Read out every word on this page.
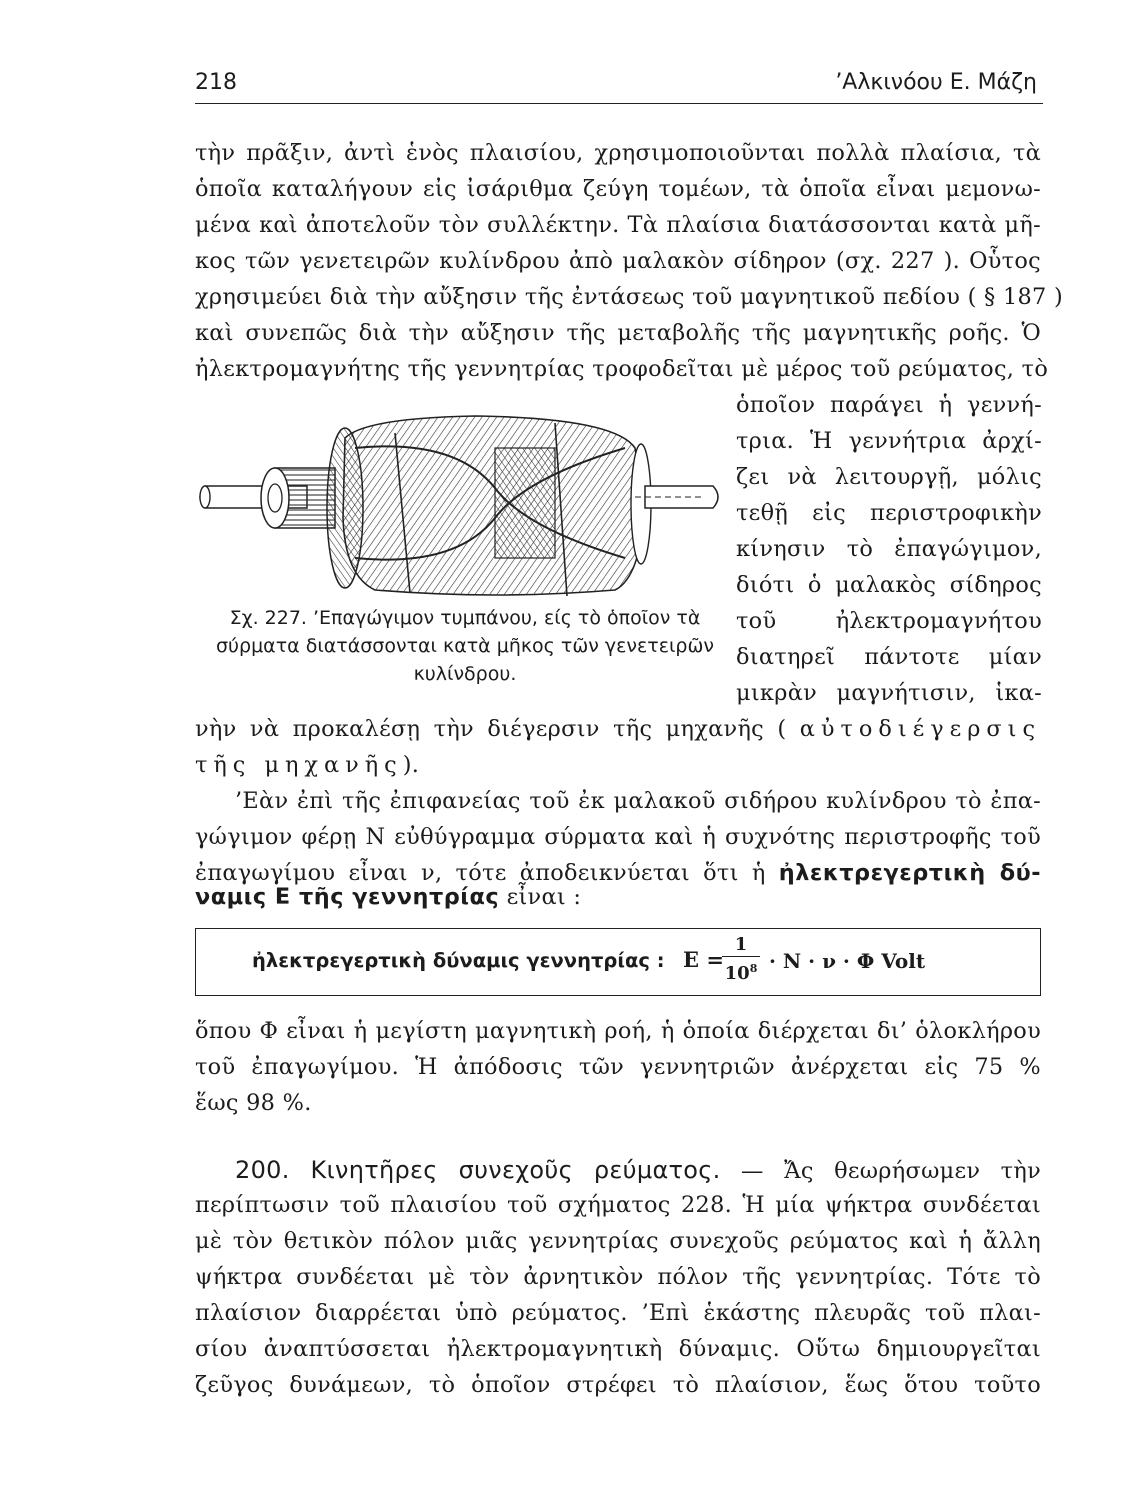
218	’Αλκινόου Ε. Μάζη
τὴν πρᾶξιν, ἀντὶ ἑνὸς πλαισίου, χρησιμοποιοῦνται πολλὰ πλαίσια, τὰ
ὁποῖα καταλήγουν εἰς ἰσάριθμα ζεύγη τομέων, τὰ ὁποῖα εἶναι μεμονω-
μένα καὶ ἀποτελοῦν τὸν συλλέκτην. Τὰ πλαίσια διατάσσονται κατὰ μῆ-
κος τῶν γενετειρῶν κυλίνδρου ἀπὸ μαλακὸν σίδηρον (σχ. 227 ). Οὗτος
χρησιμεύει διὰ τὴν αὔξησιν τῆς ἐντάσεως τοῦ μαγνητικοῦ πεδίου ( § 187 )
καὶ συνεπῶς διὰ τὴν αὔξησιν τῆς μεταβολῆς τῆς μαγνητικῆς ροῆς. Ὁ
ἠλεκτρομαγνήτης τῆς γεννητρίας τροφοδεῖται μὲ μέρος τοῦ ρεύματος, τὸ
ὁποῖον παράγει ἡ γεννή-
τρια. Ἡ γεννήτρια ἀρχί-
ζει νὰ λειτουργῇ, μόλις
τεθῇ εἰς περιστροφικὴν
κίνησιν τὸ ἐπαγώγιμον,
διότι ὁ μαλακὸς σίδηρος
τοῦ ἠλεκτρομαγνήτου
διατηρεῖ πάντοτε μίαν
μικρὰν μαγνήτισιν, ἱκα-
νὴν νὰ προκαλέσῃ τὴν διέγερσιν τῆς μηχανῆς ( αὐτοδιέγερσις
τῆς μηχανῆς).
’Εὰν ἐπὶ τῆς ἐπιφανείας τοῦ ἐκ μαλακοῦ σιδήρου κυλίνδρου τὸ ἐπα-
γώγιμον φέρῃ N εὐθύγραμμα σύρματα καὶ ἡ συχνότης περιστροφῆς τοῦ
ἐπαγωγίμου εἶναι ν, τότε ἀποδεικνύεται ὅτι ἡ ἠλεκτρεγερτικὴ δύ-
ναμις Ε τῆς γεννητρίας εἶναι :
ὅπου Φ εἶναι ἡ μεγίστη μαγνητικὴ ροή, ἡ ὁποία διέρχεται δι’ ὁλοκλήρου
τοῦ ἐπαγωγίμου. Ἡ ἀπόδοσις τῶν γεννητριῶν ἀνέρχεται εἰς 75 %
ἕως 98 %.
200. Κινητῆρες συνεχοῦς ρεύματος. — Ἄς θεωρήσωμεν τὴν
περίπτωσιν τοῦ πλαισίου τοῦ σχήματος 228. Ἡ μία ψήκτρα συνδέεται
μὲ τὸν θετικὸν πόλον μιᾶς γεννητρίας συνεχοῦς ρεύματος καὶ ἡ ἄλλη
ψήκτρα συνδέεται μὲ τὸν ἀρνητικὸν πόλον τῆς γεννητρίας. Τότε τὸ
πλαίσιον διαρρέεται ὑπὸ ρεύματος. ’Επὶ ἑκάστης πλευρᾶς τοῦ πλαι-
σίου ἀναπτύσσεται ἠλεκτρομαγνητικὴ δύναμις. Οὕτω δημιουργεῖται
ζεῦγος δυνάμεων, τὸ ὁποῖον στρέφει τὸ πλαίσιον, ἕως ὅτου τοῦτο
Σχ. 227. ’Επαγώγιμον τυμπάνου, είς τὸ ὁποῖον τὰ
σύρματα διατάσσονται κατὰ μῆκος τῶν γενετειρῶν
κυλίνδρου.
ἠλεκτρεγερτικὴ δύναμις γεννητρίας : E =
1
$10^8 \cdot N \cdot \nu \cdot \Phi$ Volt
